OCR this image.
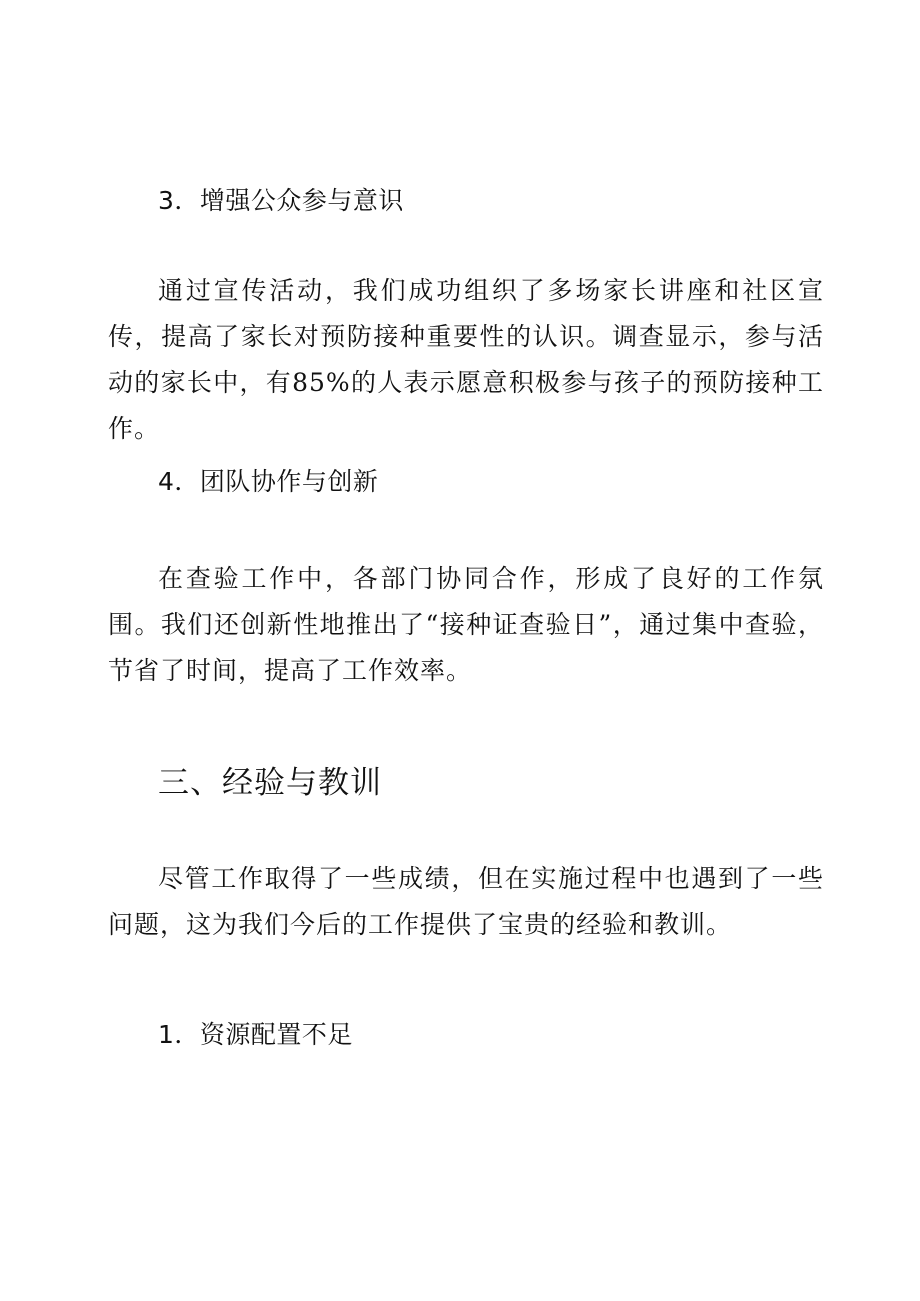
3．增强公众参与意识

通过宣传活动，我们成功组织了多场家长讲座和社区宣传，提高了家长对预防接种重要性的认识。调查显示，参与活动的家长中，有85%的人表示愿意积极参与孩子的预防接种工作。

4．团队协作与创新

在查验工作中，各部门协同合作，形成了良好的工作氛围。我们还创新性地推出了“接种证查验日”，通过集中查验，节省了时间，提高了工作效率。

三、经验与教训

尽管工作取得了一些成绩，但在实施过程中也遇到了一些问题，这为我们今后的工作提供了宝贵的经验和教训。

1．资源配置不足
